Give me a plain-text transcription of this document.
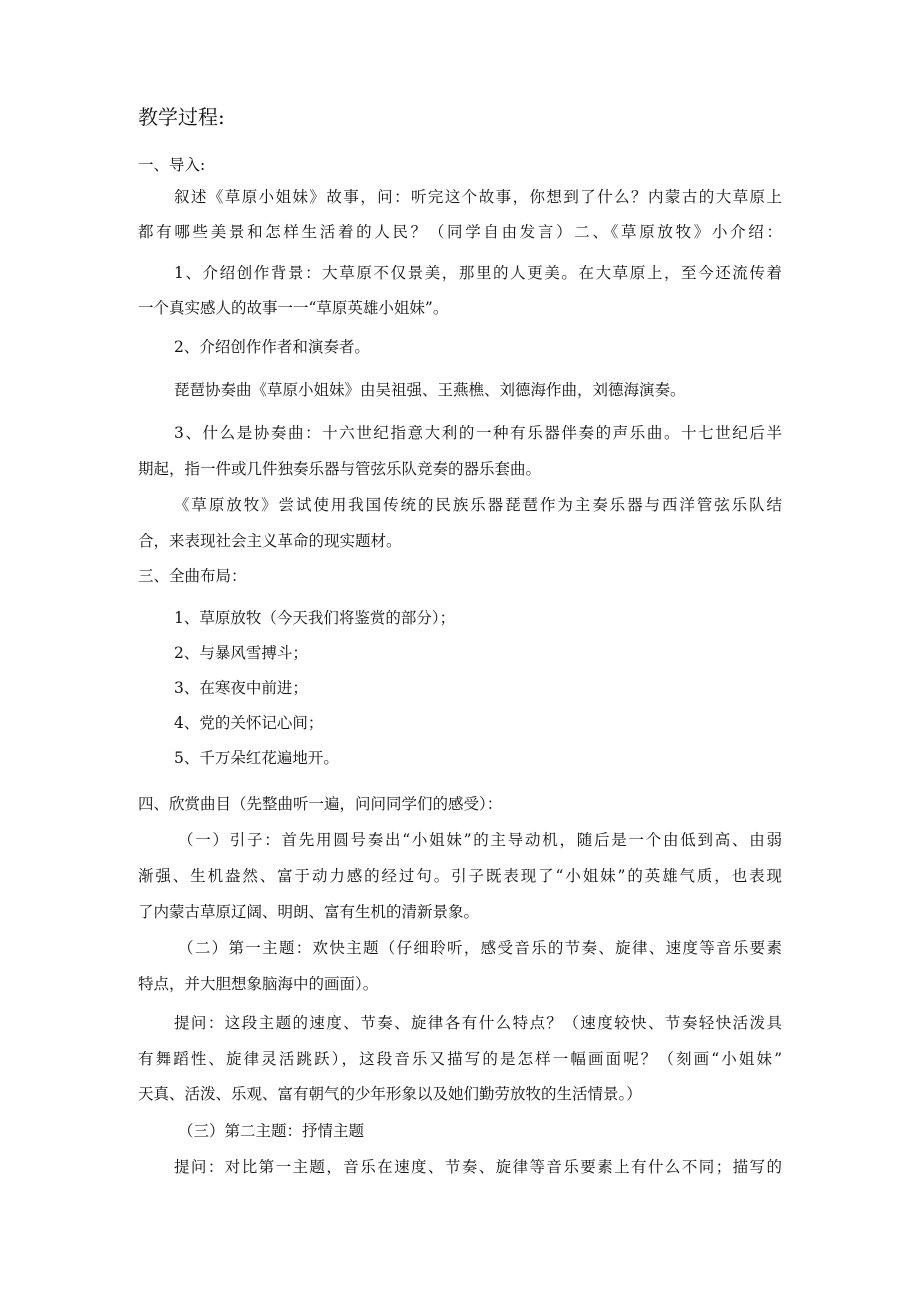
教学过程:
一、导入:
叙述《草原小姐妹》故事，问：听完这个故事，你想到了什么？内蒙古的大草原上
都有哪些美景和怎样生活着的人民？（同学自由发言）二、《草原放牧》小介绍：
1、介绍创作背景：大草原不仅景美，那里的人更美。在大草原上，至今还流传着
一个真实感人的故事一一“草原英雄小姐妹”。
2、介绍创作作者和演奏者。
琵琶协奏曲《草原小姐妹》由吴祖强、王燕樵、刘德海作曲，刘德海演奏。
3、什么是协奏曲：十六世纪指意大利的一种有乐器伴奏的声乐曲。十七世纪后半
期起，指一件或几件独奏乐器与管弦乐队竞奏的器乐套曲。
《草原放牧》尝试使用我国传统的民族乐器琵琶作为主奏乐器与西洋管弦乐队结
合，来表现社会主义革命的现实题材。
三、全曲布局：
1、草原放牧（今天我们将鉴赏的部分）；
2、与暴风雪搏斗；
3、在寒夜中前进；
4、党的关怀记心间；
5、千万朵红花遍地开。
四、欣赏曲目（先整曲听一遍，问问同学们的感受）：
（一）引子：首先用圆号奏出“小姐妹”的主导动机，随后是一个由低到高、由弱
渐强、生机盎然、富于动力感的经过句。引子既表现了“小姐妹”的英雄气质，也表现
了内蒙古草原辽阔、明朗、富有生机的清新景象。
（二）第一主题：欢快主题（仔细聆听，感受音乐的节奏、旋律、速度等音乐要素
特点，并大胆想象脑海中的画面）。
提问：这段主题的速度、节奏、旋律各有什么特点？（速度较快、节奏轻快活泼具
有舞蹈性、旋律灵活跳跃），这段音乐又描写的是怎样一幅画面呢？（刻画“小姐妹”
天真、活泼、乐观、富有朝气的少年形象以及她们勤劳放牧的生活情景。）
（三）第二主题：抒情主题
提问：对比第一主题，音乐在速度、节奏、旋律等音乐要素上有什么不同；描写的
